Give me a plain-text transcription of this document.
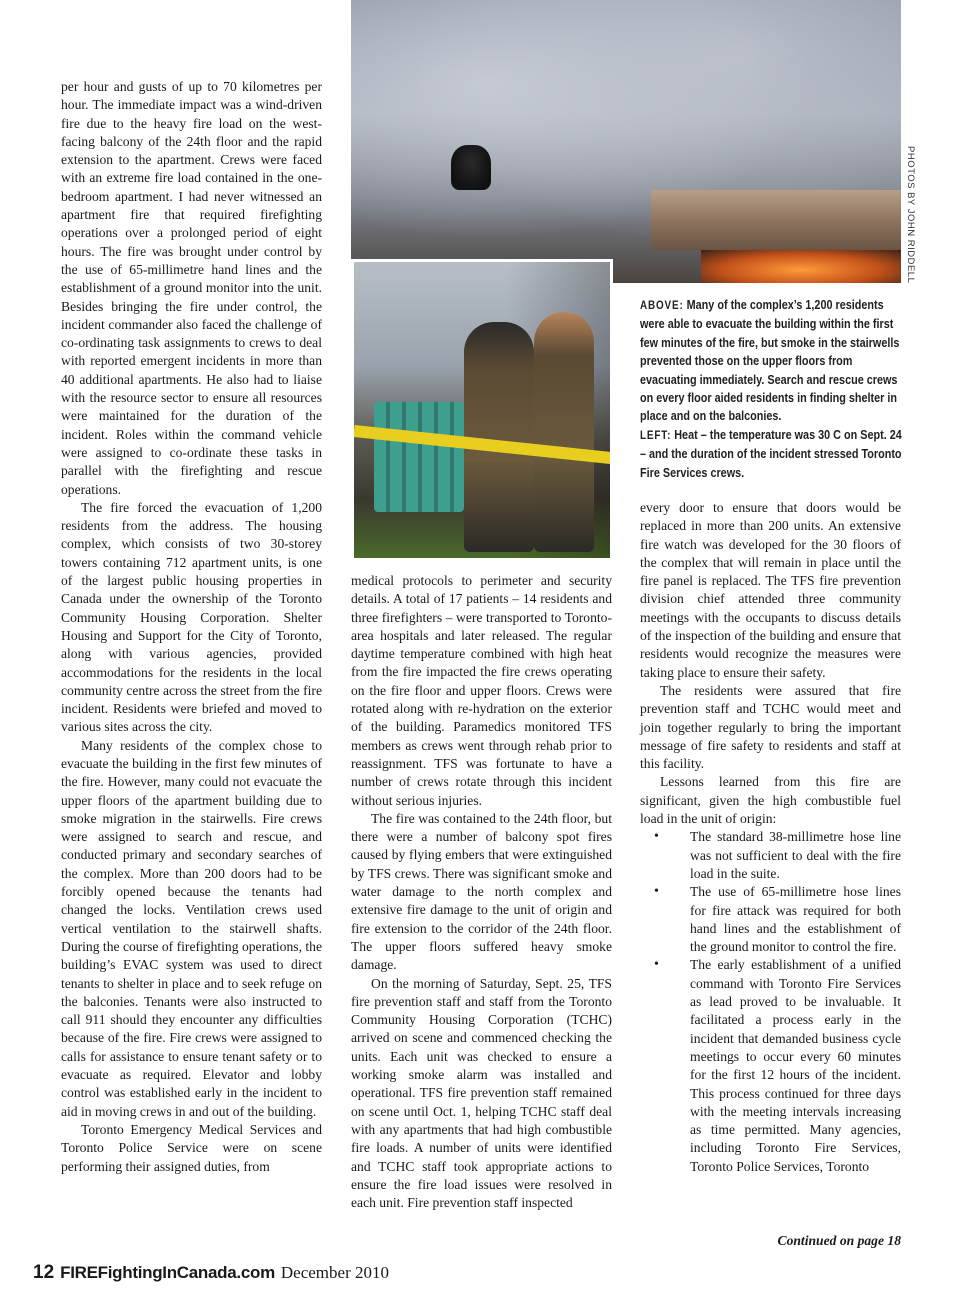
PHOTOS BY JOHN RIDDELL

ABOVE: Many of the complex’s 1,200 residents were able to evacuate the building within the first few minutes of the fire, but smoke in the stairwells prevented those on the upper floors from evacuating immediately. Search and rescue crews on every floor aided residents in finding shelter in place and on the balconies.

LEFT: Heat – the temperature was 30 C on Sept. 24 – and the duration of the incident stressed Toronto Fire Services crews.

per hour and gusts of up to 70 kilometres per hour. The immediate impact was a wind-driven fire due to the heavy fire load on the west-facing balcony of the 24th floor and the rapid extension to the apartment. Crews were faced with an extreme fire load contained in the one-bedroom apartment. I had never witnessed an apartment fire that required firefighting operations over a prolonged period of eight hours. The fire was brought under control by the use of 65-millimetre hand lines and the establishment of a ground monitor into the unit. Besides bringing the fire under control, the incident commander also faced the challenge of co-ordinating task assignments to crews to deal with reported emergent incidents in more than 40 additional apartments. He also had to liaise with the resource sector to ensure all resources were maintained for the duration of the incident. Roles within the command vehicle were assigned to co-ordinate these tasks in parallel with the firefighting and rescue operations.

The fire forced the evacuation of 1,200 residents from the address. The housing complex, which consists of two 30-storey towers containing 712 apartment units, is one of the largest public housing properties in Canada under the ownership of the Toronto Community Housing Corporation. Shelter Housing and Support for the City of Toronto, along with various agencies, provided accommodations for the residents in the local community centre across the street from the fire incident. Residents were briefed and moved to various sites across the city.

Many residents of the complex chose to evacuate the building in the first few minutes of the fire. However, many could not evacuate the upper floors of the apartment building due to smoke migration in the stairwells. Fire crews were assigned to search and rescue, and conducted primary and secondary searches of the complex. More than 200 doors had to be forcibly opened because the tenants had changed the locks. Ventilation crews used vertical ventilation to the stairwell shafts. During the course of firefighting operations, the building’s EVAC system was used to direct tenants to shelter in place and to seek refuge on the balconies. Tenants were also instructed to call 911 should they encounter any difficulties because of the fire. Fire crews were assigned to calls for assistance to ensure tenant safety or to evacuate as required. Elevator and lobby control was established early in the incident to aid in moving crews in and out of the building.

Toronto Emergency Medical Services and Toronto Police Service were on scene performing their assigned duties, from

medical protocols to perimeter and security details. A total of 17 patients – 14 residents and three firefighters – were transported to Toronto-area hospitals and later released. The regular daytime temperature combined with high heat from the fire impacted the fire crews operating on the fire floor and upper floors. Crews were rotated along with re-hydration on the exterior of the building. Paramedics monitored TFS members as crews went through rehab prior to reassignment. TFS was fortunate to have a number of crews rotate through this incident without serious injuries.

The fire was contained to the 24th floor, but there were a number of balcony spot fires caused by flying embers that were extinguished by TFS crews. There was significant smoke and water damage to the north complex and extensive fire damage to the unit of origin and fire extension to the corridor of the 24th floor. The upper floors suffered heavy smoke damage.

On the morning of Saturday, Sept. 25, TFS fire prevention staff and staff from the Toronto Community Housing Corporation (TCHC) arrived on scene and commenced checking the units. Each unit was checked to ensure a working smoke alarm was installed and operational. TFS fire prevention staff remained on scene until Oct. 1, helping TCHC staff deal with any apartments that had high combustible fire loads. A number of units were identified and TCHC staff took appropriate actions to ensure the fire load issues were resolved in each unit. Fire prevention staff inspected

every door to ensure that doors would be replaced in more than 200 units. An extensive fire watch was developed for the 30 floors of the complex that will remain in place until the fire panel is replaced. The TFS fire prevention division chief attended three community meetings with the occupants to discuss details of the inspection of the building and ensure that residents would recognize the measures were taking place to ensure their safety.

The residents were assured that fire prevention staff and TCHC would meet and join together regularly to bring the important message of fire safety to residents and staff at this facility.

Lessons learned from this fire are significant, given the high combustible fuel load in the unit of origin:

• The standard 38-millimetre hose line was not sufficient to deal with the fire load in the suite.
• The use of 65-millimetre hose lines for fire attack was required for both hand lines and the establishment of the ground monitor to control the fire.
• The early establishment of a unified command with Toronto Fire Services as lead proved to be invaluable. It facilitated a process early in the incident that demanded business cycle meetings to occur every 60 minutes for the first 12 hours of the incident. This process continued for three days with the meeting intervals increasing as time permitted. Many agencies, including Toronto Fire Services, Toronto Police Services, Toronto
Continued on page 18
12 FIREFightingInCanada.com December 2010
